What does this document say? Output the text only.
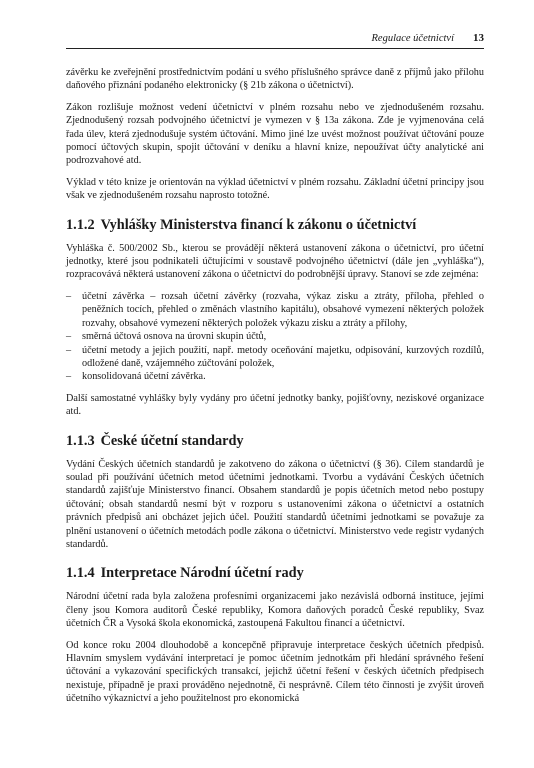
Regulace účetnictví 13

závěrku ke zveřejnění prostřednictvím podání u svého příslušného správce daně z příjmů jako přílohu daňového přiznání podaného elektronicky (§ 21b zákona o účetnictví).

Zákon rozlišuje možnost vedení účetnictví v plném rozsahu nebo ve zjednodušeném rozsahu. Zjednodušený rozsah podvojného účetnictví je vymezen v § 13a zákona. Zde je vyjmenována celá řada úlev, která zjednodušuje systém účtování. Mimo jiné lze uvést možnost používat účtování pouze pomocí účtových skupin, spojit účtování v deníku a hlavní knize, nepoužívat účty analytické ani podrozvahové atd.

Výklad v této knize je orientován na výklad účetnictví v plném rozsahu. Základní účetní principy jsou však ve zjednodušeném rozsahu naprosto totožné.

1.1.2 Vyhlášky Ministerstva financí k zákonu o účetnictví

Vyhláška č. 500/2002 Sb., kterou se provádějí některá ustanovení zákona o účetnictví, pro účetní jednotky, které jsou podnikateli účtujícími v soustavě podvojného účetnictví (dále jen „vyhláška“), rozpracovává některá ustanovení zákona o účetnictví do podrobnější úpravy. Stanoví se zde zejména:

– účetní závěrka – rozsah účetní závěrky (rozvaha, výkaz zisku a ztráty, příloha, přehled o peněžních tocích, přehled o změnách vlastního kapitálu), obsahové vymezení některých položek rozvahy, obsahové vymezení některých položek výkazu zisku a ztráty a přílohy,
– směrná účtová osnova na úrovni skupin účtů,
– účetní metody a jejich použití, např. metody oceňování majetku, odpisování, kurzových rozdílů, odložené daně, vzájemného zúčtování položek,
– konsolidovaná účetní závěrka.

Další samostatné vyhlášky byly vydány pro účetní jednotky banky, pojišťovny, neziskové organizace atd.

1.1.3 České účetní standardy

Vydání Českých účetních standardů je zakotveno do zákona o účetnictví (§ 36). Cílem standardů je soulad při používání účetních metod účetními jednotkami. Tvorbu a vydávání Českých účetních standardů zajišťuje Ministerstvo financí. Obsahem standardů je popis účetních metod nebo postupy účtování; obsah standardů nesmí být v rozporu s ustanoveními zákona o účetnictví a ostatních právních předpisů ani obcházet jejich účel. Použití standardů účetními jednotkami se považuje za plnění ustanovení o účetních metodách podle zákona o účetnictví. Ministerstvo vede registr vydaných standardů.

1.1.4 Interpretace Národní účetní rady

Národní účetní rada byla založena profesními organizacemi jako nezávislá odborná instituce, jejími členy jsou Komora auditorů České republiky, Komora daňových poradců České republiky, Svaz účetních ČR a Vysoká škola ekonomická, zastoupená Fakultou financí a účetnictví.

Od konce roku 2004 dlouhodobě a koncepčně připravuje interpretace českých účetních předpisů. Hlavním smyslem vydávání interpretací je pomoc účetním jednotkám při hledání správného řešení účtování a vykazování specifických transakcí, jejichž účetní řešení v českých účetních předpisech nexistuje, případně je praxi prováděno nejednotně, či nesprávně. Cílem této činnosti je zvýšit úroveň účetního výkaznictví a jeho použitelnost pro ekonomická
